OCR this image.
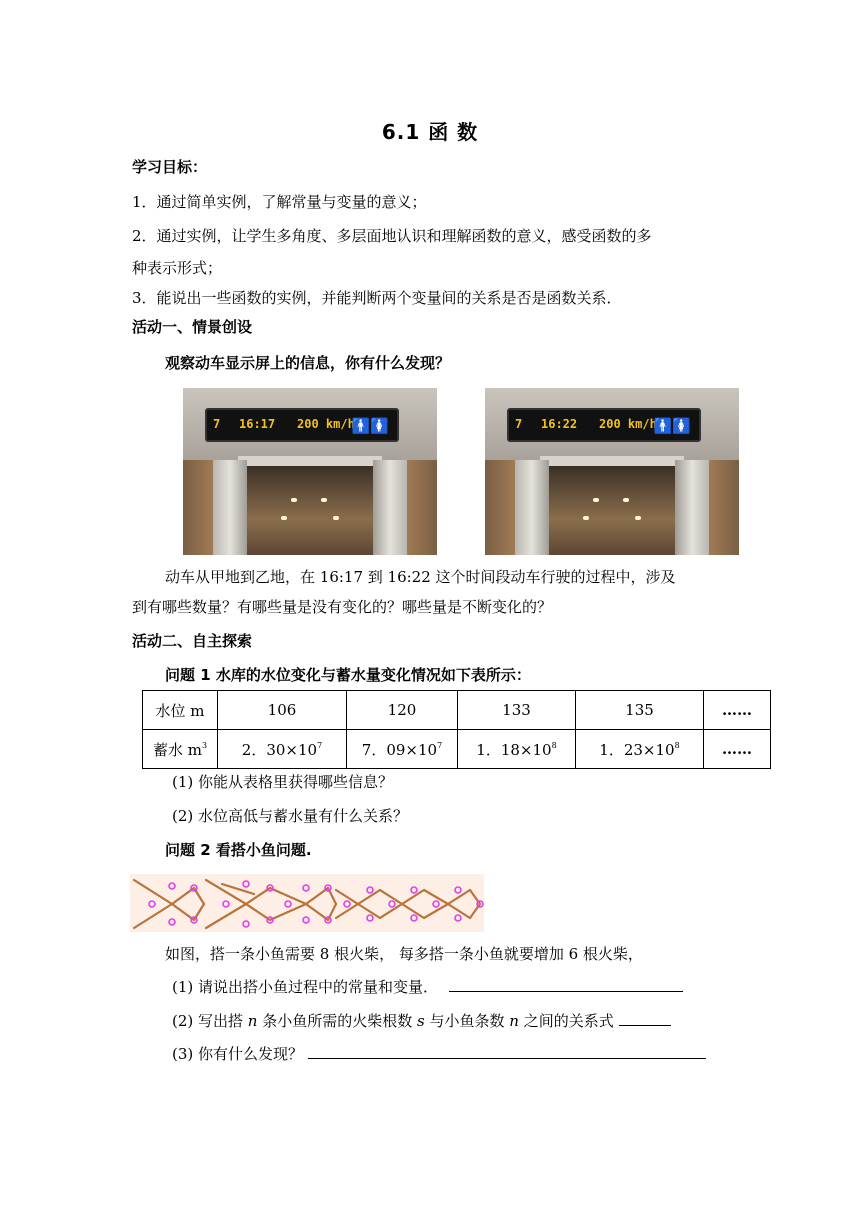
6.1 函 数
学习目标：
1．通过简单实例，了解常量与变量的意义；
2．通过实例，让学生多角度、多层面地认识和理解函数的意义，感受函数的多
种表示形式；
3．能说出一些函数的实例，并能判断两个变量间的关系是否是函数关系．
活动一、情景创设
观察动车显示屏上的信息，你有什么发现？
7 16:17 200 km/h
🚹🚺	7 16:22 200 km/h
🚹🚺
动车从甲地到乙地，在 16:17 到 16:22 这个时间段动车行驶的过程中，涉及
到有哪些数量？有哪些量是没有变化的？哪些量是不断变化的？
活动二、自主探索
问题 1 水库的水位变化与蓄水量变化情况如下表所示：
水位 m	106	120	133	135	……
蓄水 $m^3$	2．$30\times 10^7$	7．$09\times 10^7$	1．$18\times 10^8$	1．$23\times 10^8$	……
(1) 你能从表格里获得哪些信息？
(2) 水位高低与蓄水量有什么关系？
问题 2 看搭小鱼问题.
如图，搭一条小鱼需要 8 根火柴， 每多搭一条小鱼就要增加 6 根火柴，
(1) 请说出搭小鱼过程中的常量和变量．
(2) 写出搭 n 条小鱼所需的火柴根数 s 与小鱼条数 n 之间的关系式
(3) 你有什么发现？
